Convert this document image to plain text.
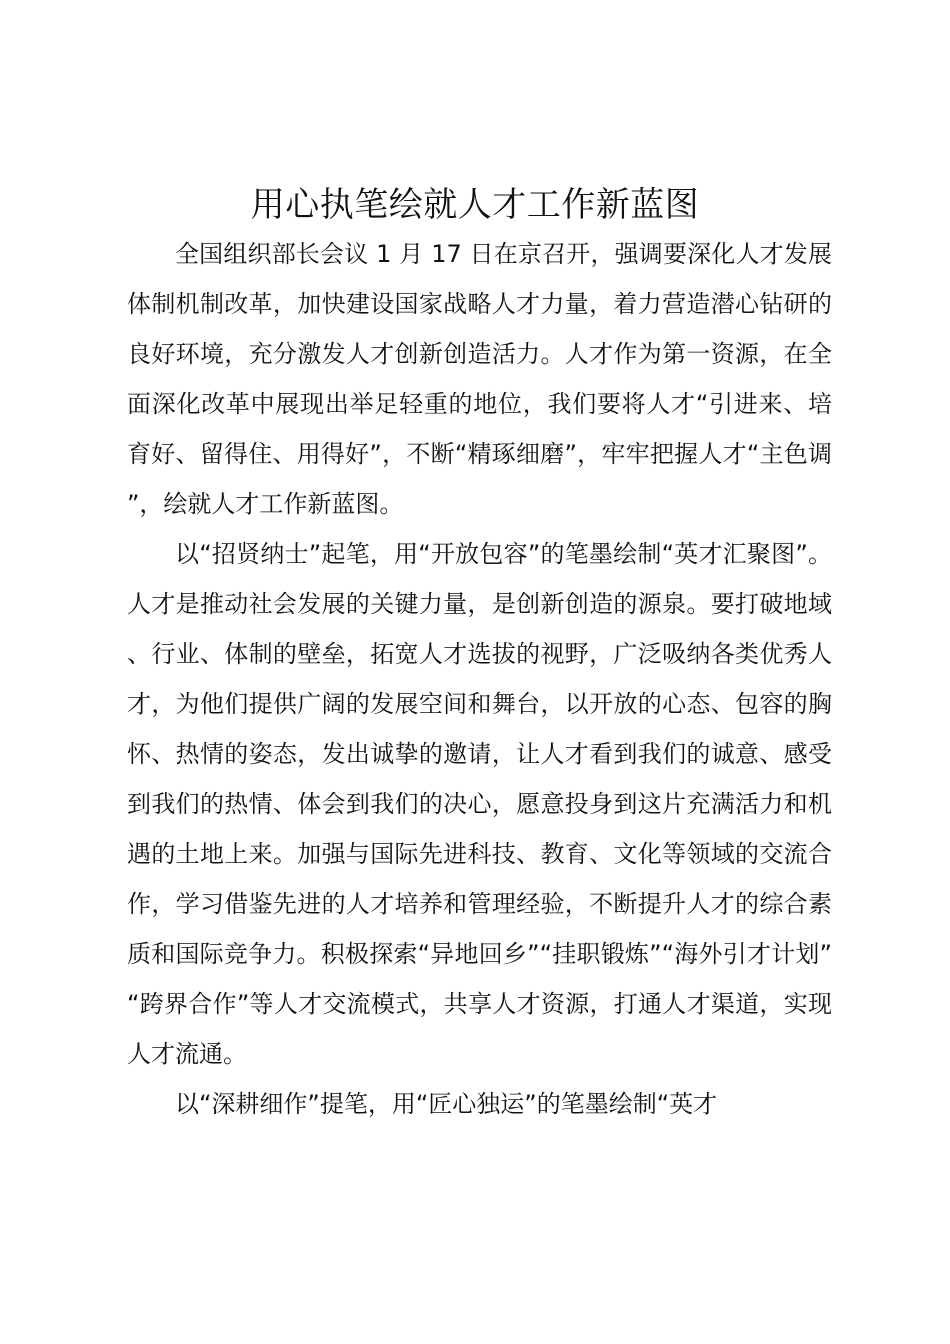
用心执笔绘就人才工作新蓝图

全国组织部长会议 1 月 17 日在京召开，强调要深化人才发展体制机制改革，加快建设国家战略人才力量，着力营造潜心钻研的良好环境，充分激发人才创新创造活力。人才作为第一资源，在全面深化改革中展现出举足轻重的地位，我们要将人才“引进来、培育好、留得住、用得好”，不断“精琢细磨”，牢牢把握人才“主色调”，绘就人才工作新蓝图。

以“招贤纳士”起笔，用“开放包容”的笔墨绘制“英才汇聚图”。人才是推动社会发展的关键力量，是创新创造的源泉。要打破地域、行业、体制的壁垒，拓宽人才选拔的视野，广泛吸纳各类优秀人才，为他们提供广阔的发展空间和舞台，以开放的心态、包容的胸怀、热情的姿态，发出诚挚的邀请，让人才看到我们的诚意、感受到我们的热情、体会到我们的决心，愿意投身到这片充满活力和机遇的土地上来。加强与国际先进科技、教育、文化等领域的交流合作，学习借鉴先进的人才培养和管理经验，不断提升人才的综合素质和国际竞争力。积极探索“异地回乡”“挂职锻炼”“海外引才计划”“跨界合作”等人才交流模式，共享人才资源，打通人才渠道，实现人才流通。

以“深耕细作”提笔，用“匠心独运”的笔墨绘制“英才
